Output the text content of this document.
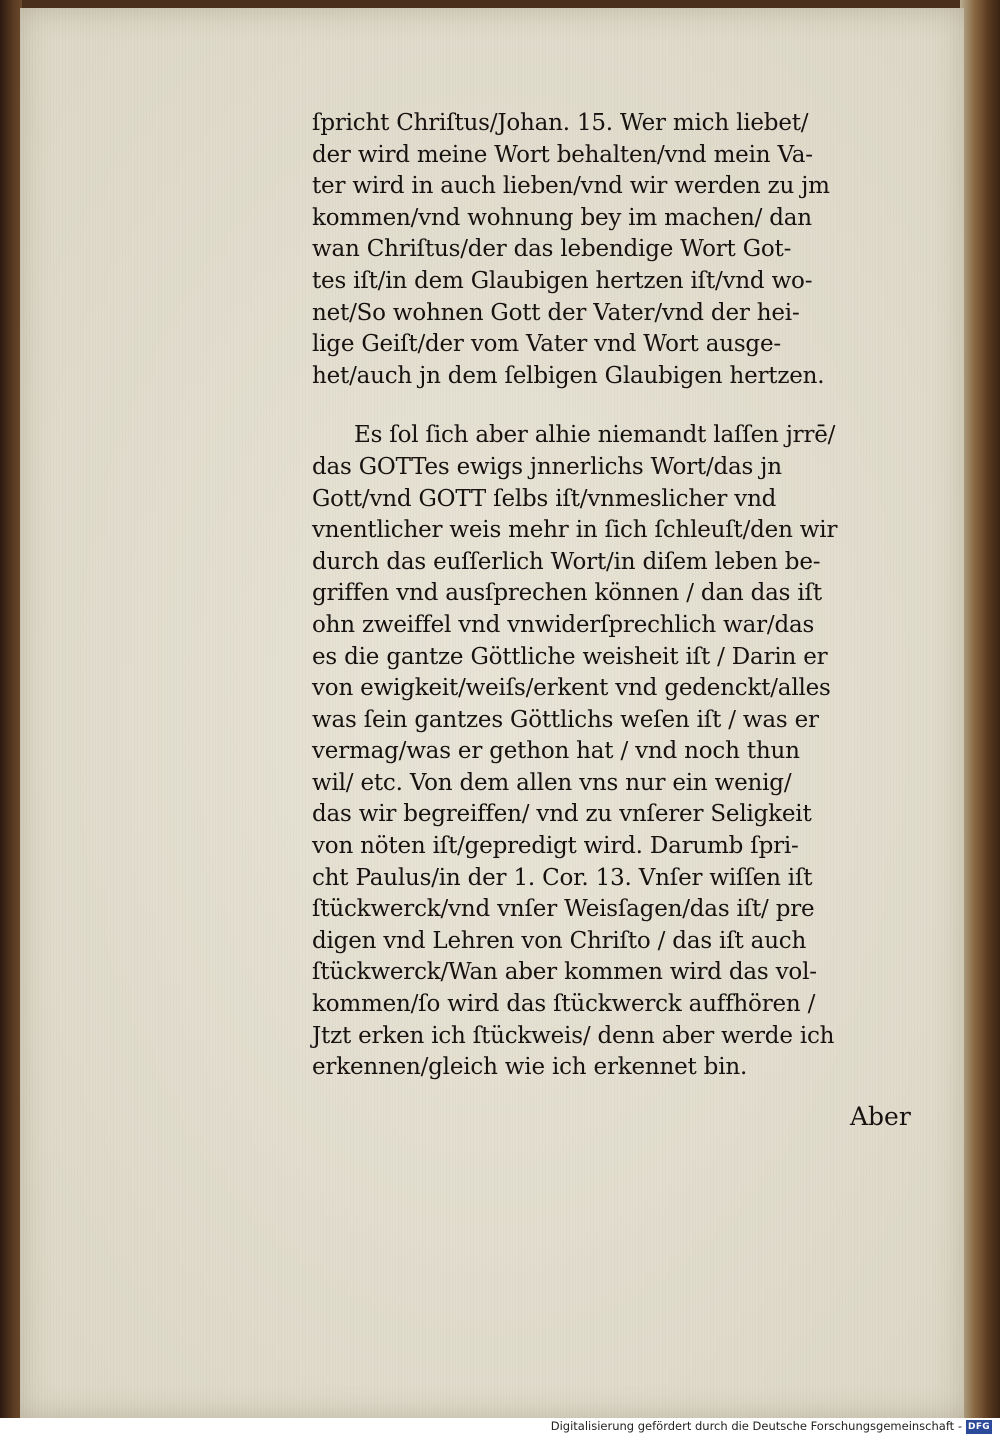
ſpricht Chriſtus/Johan. 15. Wer mich liebet/
der wird meine Wort behalten/vnd mein Va-
ter wird in auch lieben/vnd wir werden zu jm
kommen/vnd wohnung bey im machen/ dan
wan Chriſtus/der das lebendige Wort Got-
tes iſt/in dem Glaubigen hertzen iſt/vnd wo-
net/So wohnen Gott der Vater/vnd der hei-
lige Geiſt/der vom Vater vnd Wort ausge-
het/auch jn dem ſelbigen Glaubigen hertzen.
Es ſol ſich aber alhie niemandt laſſen jrrē/
das GOTTes ewigs jnnerlichs Wort/das jn
Gott/vnd GOTT ſelbs iſt/vnmeslicher vnd
vnentlicher weis mehr in ſich ſchleuſt/den wir
durch das euſſerlich Wort/in diſem leben be-
griffen vnd ausſprechen können / dan das iſt
ohn zweiffel vnd vnwiderſprechlich war/das
es die gantze Göttliche weisheit iſt / Darin er
von ewigkeit/weiſs/erkent vnd gedenckt/alles
was ſein gantzes Göttlichs weſen iſt / was er
vermag/was er gethon hat / vnd noch thun
wil/ etc. Von dem allen vns nur ein wenig/
das wir begreiffen/ vnd zu vnſerer Seligkeit
von nöten iſt/gepredigt wird. Darumb ſpri-
cht Paulus/in der 1. Cor. 13. Vnſer wiſſen iſt
ſtückwerck/vnd vnſer Weisſagen/das iſt/ pre
digen vnd Lehren von Chriſto / das iſt auch
ſtückwerck/Wan aber kommen wird das vol-
kommen/ſo wird das ſtückwerck auffhören /
Jtzt erken ich ſtückweis/ denn aber werde ich
erkennen/gleich wie ich erkennet bin.
Aber
Digitalisierung gefördert durch die Deutsche Forschungsgemeinschaft - DFG
